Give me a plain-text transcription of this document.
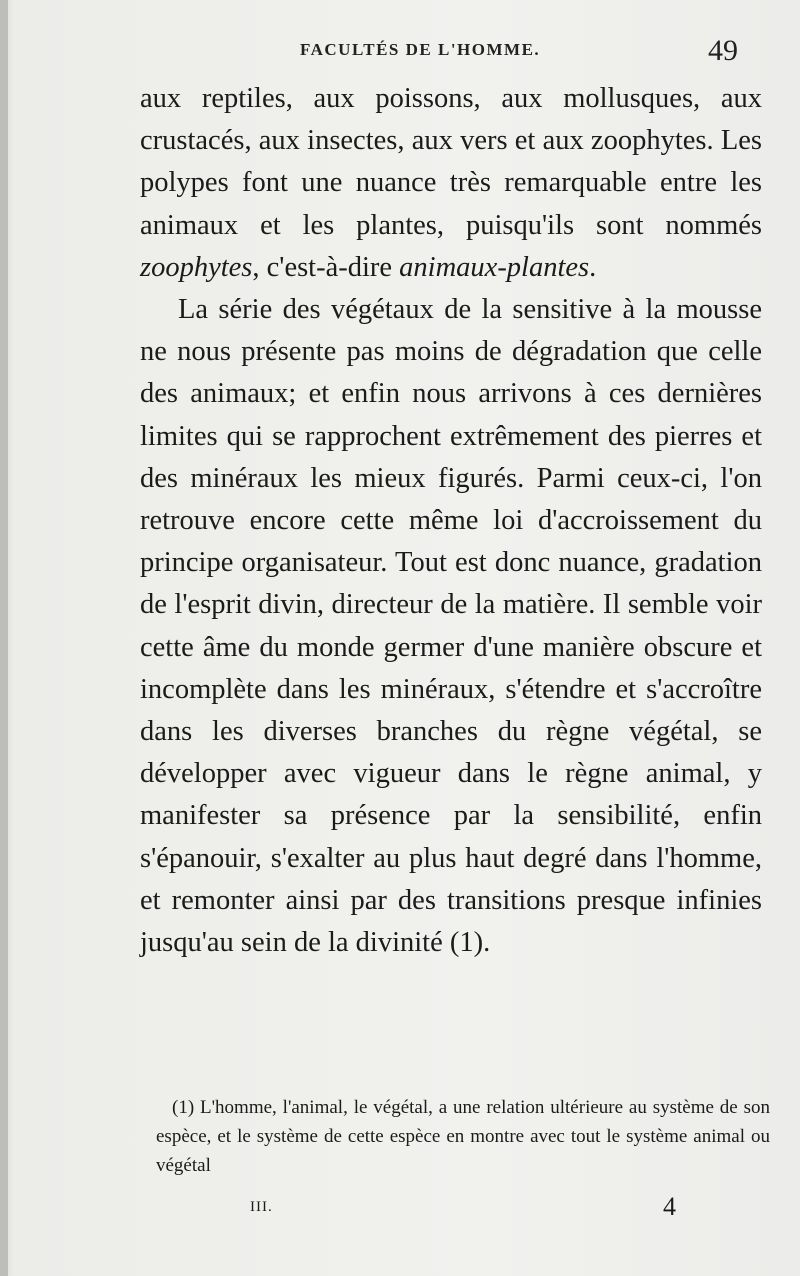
FACULTÉS DE L'HOMME.	49

aux reptiles, aux poissons, aux mollusques, aux crustacés, aux insectes, aux vers et aux zoophytes. Les polypes font une nuance très remarquable entre les animaux et les plantes, puisqu'ils sont nommés zoophytes, c'est-à-dire animaux-plantes.

La série des végétaux de la sensitive à la mousse ne nous présente pas moins de dégradation que celle des animaux; et enfin nous arrivons à ces dernières limites qui se rapprochent extrêmement des pierres et des minéraux les mieux figurés. Parmi ceux-ci, l'on retrouve encore cette même loi d'accroissement du principe organisateur. Tout est donc nuance, gradation de l'esprit divin, directeur de la matière. Il semble voir cette âme du monde germer d'une manière obscure et incomplète dans les minéraux, s'étendre et s'accroître dans les diverses branches du règne végétal, se développer avec vigueur dans le règne animal, y manifester sa présence par la sensibilité, enfin s'épanouir, s'exalter au plus haut degré dans l'homme, et remonter ainsi par des transitions presque infinies jusqu'au sein de la divinité (1).

(1) L'homme, l'animal, le végétal, a une relation ultérieure au système de son espèce, et le système de cette espèce en montre avec tout le système animal ou végétal

III.	4
